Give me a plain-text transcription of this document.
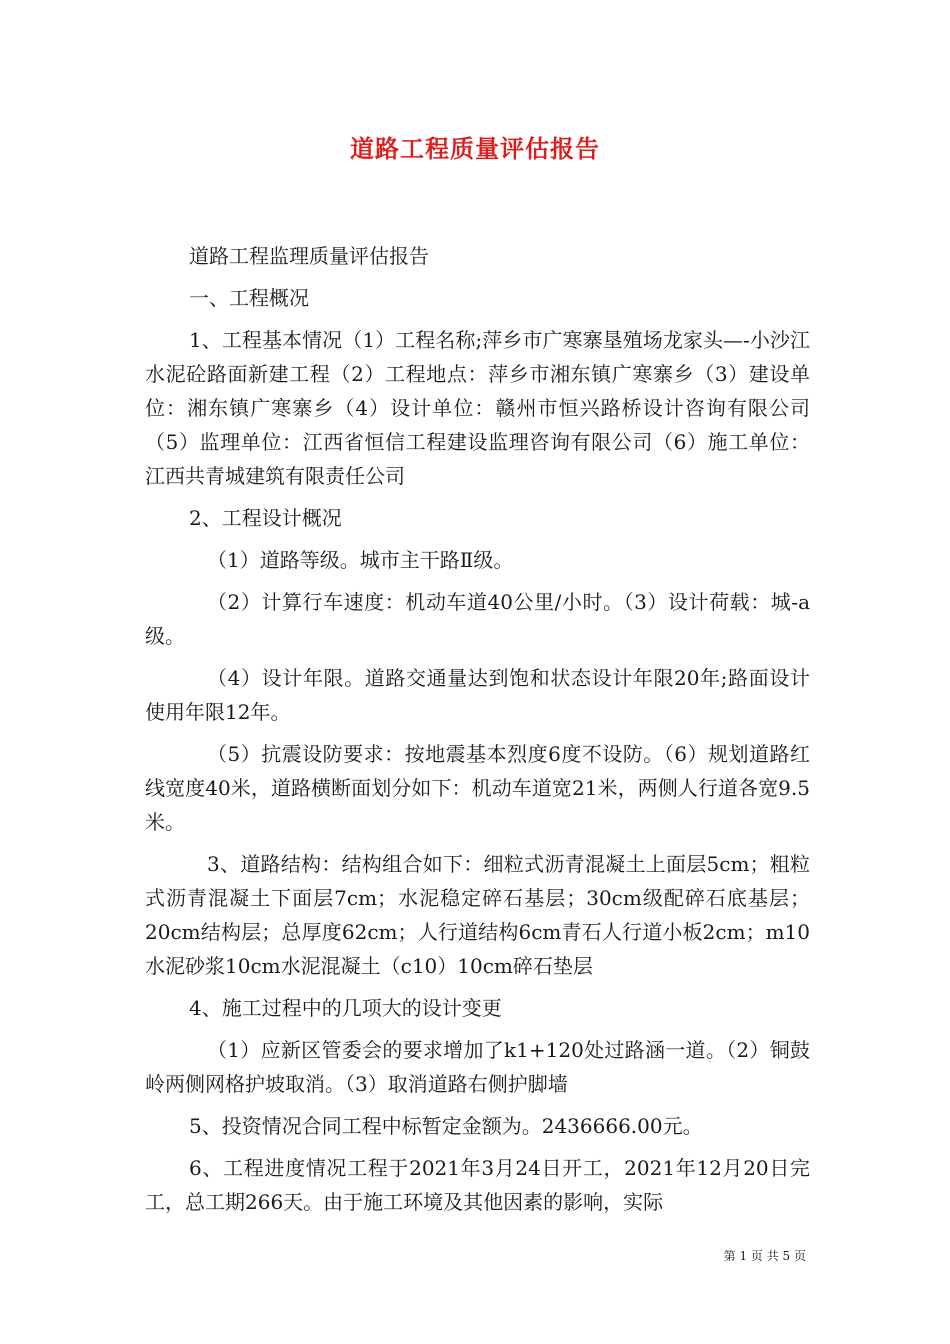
道路工程质量评估报告

道路工程监理质量评估报告

一、工程概况

1、工程基本情况（1）工程名称;萍乡市广寒寨垦殖场龙家头—-小沙江水泥砼路面新建工程（2）工程地点：萍乡市湘东镇广寒寨乡（3）建设单位：湘东镇广寒寨乡（4）设计单位：赣州市恒兴路桥设计咨询有限公司（5）监理单位：江西省恒信工程建设监理咨询有限公司（6）施工单位：江西共青城建筑有限责任公司

2、工程设计概况

（1）道路等级。城市主干路Ⅱ级。

（2）计算行车速度：机动车道40公里/小时。（3）设计荷载：城-a级。

（4）设计年限。道路交通量达到饱和状态设计年限20年;路面设计使用年限12年。

（5）抗震设防要求：按地震基本烈度6度不设防。（6）规划道路红线宽度40米，道路横断面划分如下：机动车道宽21米，两侧人行道各宽9.5米。

3、道路结构：结构组合如下：细粒式沥青混凝土上面层5cm；粗粒式沥青混凝土下面层7cm；水泥稳定碎石基层；30cm级配碎石底基层；20cm结构层；总厚度62cm；人行道结构6cm青石人行道小板2cm；m10水泥砂浆10cm水泥混凝土（c10）10cm碎石垫层

4、施工过程中的几项大的设计变更

（1）应新区管委会的要求增加了k1+120处过路涵一道。（2）铜鼓岭两侧网格护坡取消。（3）取消道路右侧护脚墙

5、投资情况合同工程中标暂定金额为。2436666.00元。

6、工程进度情况工程于2021年3月24日开工，2021年12月20日完工，总工期266天。由于施工环境及其他因素的影响，实际

第 1 页 共 5 页
